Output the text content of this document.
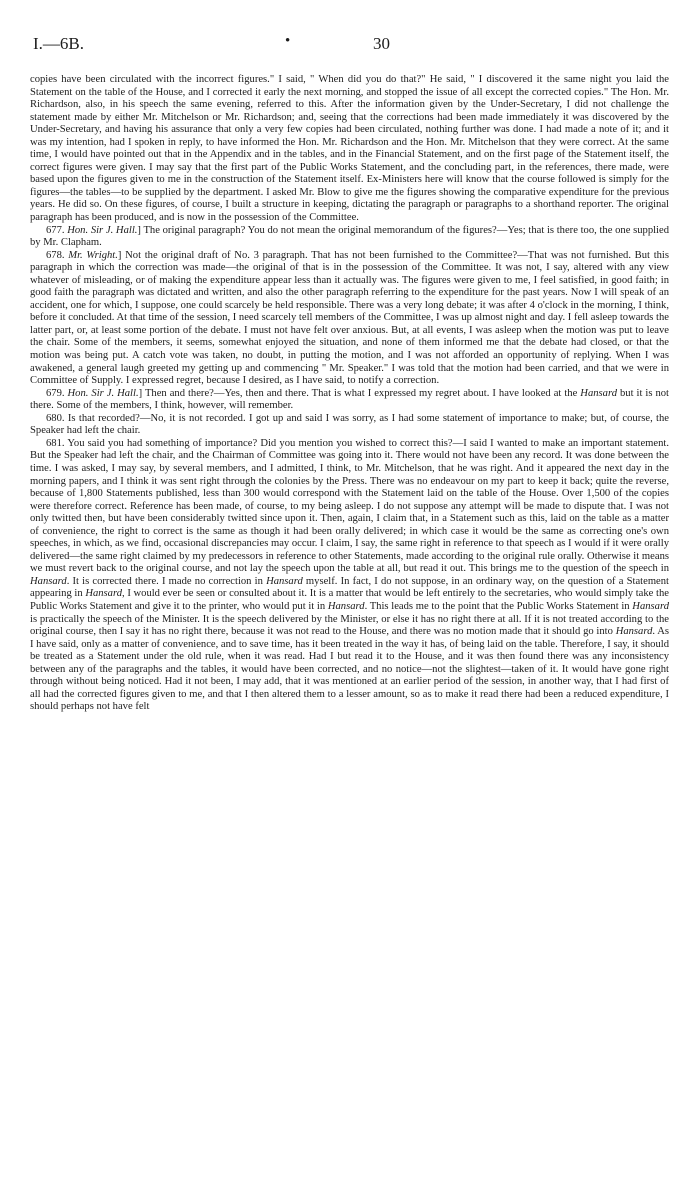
I.—6B.	•	30

copies have been circulated with the incorrect figures." I said, " When did you do that?" He said, " I discovered it the same night you laid the Statement on the table of the House, and I corrected it early the next morning, and stopped the issue of all except the corrected copies." The Hon. Mr. Richardson, also, in his speech the same evening, referred to this. After the information given by the Under-Secretary, I did not challenge the statement made by either Mr. Mitchelson or Mr. Richardson; and, seeing that the corrections had been made immediately it was discovered by the Under-Secretary, and having his assurance that only a very few copies had been circulated, nothing further was done. I had made a note of it; and it was my intention, had I spoken in reply, to have informed the Hon. Mr. Richardson and the Hon. Mr. Mitchelson that they were correct. At the same time, I would have pointed out that in the Appendix and in the tables, and in the Financial Statement, and on the first page of the Statement itself, the correct figures were given. I may say that the first part of the Public Works Statement, and the concluding part, in the references, there made, were based upon the figures given to me in the construction of the Statement itself. Ex-Ministers here will know that the course followed is simply for the figures—the tables—to be supplied by the department. I asked Mr. Blow to give me the figures showing the comparative expenditure for the previous years. He did so. On these figures, of course, I built a structure in keeping, dictating the paragraph or paragraphs to a shorthand reporter. The original paragraph has been produced, and is now in the possession of the Committee.

677. Hon. Sir J. Hall.] The original paragraph? You do not mean the original memorandum of the figures?—Yes; that is there too, the one supplied by Mr. Clapham.

678. Mr. Wright.] Not the original draft of No. 3 paragraph. That has not been furnished to the Committee?—That was not furnished. But this paragraph in which the correction was made—the original of that is in the possession of the Committee. It was not, I say, altered with any view whatever of misleading, or of making the expenditure appear less than it actually was. The figures were given to me, I feel satisfied, in good faith; in good faith the paragraph was dictated and written, and also the other paragraph referring to the expenditure for the past years. Now I will speak of an accident, one for which, I suppose, one could scarcely be held responsible. There was a very long debate; it was after 4 o'clock in the morning, I think, before it concluded. At that time of the session, I need scarcely tell members of the Committee, I was up almost night and day. I fell asleep towards the latter part, or, at least some portion of the debate. I must not have felt over anxious. But, at all events, I was asleep when the motion was put to leave the chair. Some of the members, it seems, somewhat enjoyed the situation, and none of them informed me that the debate had closed, or that the motion was being put. A catch vote was taken, no doubt, in putting the motion, and I was not afforded an opportunity of replying. When I was awakened, a general laugh greeted my getting up and commencing " Mr. Speaker." I was told that the motion had been carried, and that we were in Committee of Supply. I expressed regret, because I desired, as I have said, to notify a correction.

679. Hon. Sir J. Hall.] Then and there?—Yes, then and there. That is what I expressed my regret about. I have looked at the Hansard but it is not there. Some of the members, I think, however, will remember.

680. Is that recorded?—No, it is not recorded. I got up and said I was sorry, as I had some statement of importance to make; but, of course, the Speaker had left the chair.

681. You said you had something of importance? Did you mention you wished to correct this?—I said I wanted to make an important statement. But the Speaker had left the chair, and the Chairman of Committee was going into it. There would not have been any record. It was done between the time. I was asked, I may say, by several members, and I admitted, I think, to Mr. Mitchelson, that he was right. And it appeared the next day in the morning papers, and I think it was sent right through the colonies by the Press. There was no endeavour on my part to keep it back; quite the reverse, because of 1,800 Statements published, less than 300 would correspond with the Statement laid on the table of the House. Over 1,500 of the copies were therefore correct. Reference has been made, of course, to my being asleep. I do not suppose any attempt will be made to dispute that. I was not only twitted then, but have been considerably twitted since upon it. Then, again, I claim that, in a Statement such as this, laid on the table as a matter of convenience, the right to correct is the same as though it had been orally delivered; in which case it would be the same as correcting one's own speeches, in which, as we find, occasional discrepancies may occur. I claim, I say, the same right in reference to that speech as I would if it were orally delivered—the same right claimed by my predecessors in reference to other Statements, made according to the original rule orally. Otherwise it means we must revert back to the original course, and not lay the speech upon the table at all, but read it out. This brings me to the question of the speech in Hansard. It is corrected there. I made no correction in Hansard myself. In fact, I do not suppose, in an ordinary way, on the question of a Statement appearing in Hansard, I would ever be seen or consulted about it. It is a matter that would be left entirely to the secretaries, who would simply take the Public Works Statement and give it to the printer, who would put it in Hansard. This leads me to the point that the Public Works Statement in Hansard is practically the speech of the Minister. It is the speech delivered by the Minister, or else it has no right there at all. If it is not treated according to the original course, then I say it has no right there, because it was not read to the House, and there was no motion made that it should go into Hansard. As I have said, only as a matter of convenience, and to save time, has it been treated in the way it has, of being laid on the table. Therefore, I say, it should be treated as a Statement under the old rule, when it was read. Had I but read it to the House, and it was then found there was any inconsistency between any of the paragraphs and the tables, it would have been corrected, and no notice—not the slightest—taken of it. It would have gone right through without being noticed. Had it not been, I may add, that it was mentioned at an earlier period of the session, in another way, that I had first of all had the corrected figures given to me, and that I then altered them to a lesser amount, so as to make it read there had been a reduced expenditure, I should perhaps not have felt
